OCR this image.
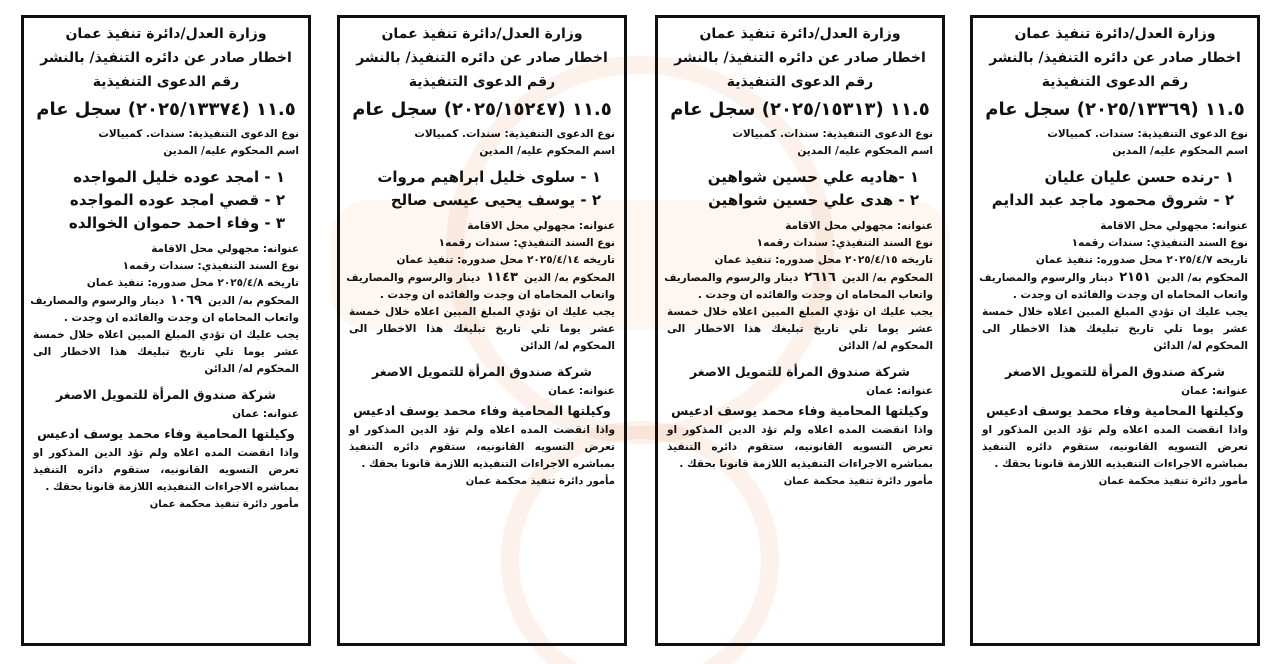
وزارة العدل/دائرة تنفيذ عمان
اخطار صادر عن دائره التنفيذ/ بالنشر
رقم الدعوى التنفيذية
١١.٥ (٢٠٢٥/١٣٣٧٤) سجل عام
نوع الدعوى التنفيذية: سندات. كمبيالات
اسم المحكوم عليه/ المدين
١ - امجد عوده خليل المواجده
٢ - قصي امجد عوده المواجده
٣ - وفاء احمد حموان الخوالده
عنوانه: مجهولي محل الاقامة
نوع السند التنفيذي: سندات رقمه١
تاريخه ٢٠٢٥/٤/٨ محل صدوره: تنفيذ عمان
المحكوم به/ الدين١٠٦٩دينار والرسوم والمصاريف
واتعاب المحاماه ان وجدت والفائده ان وجدت .
يجب عليك ان تؤدي المبلغ المبين اعلاه خلال خمسة عشر يوما تلي تاريخ تبليغك هذا الاخطار الى المحكوم له/ الدائن
شركة صندوق المرأة للتمويل الاصغر
عنوانه: عمان
وكيلتها المحامية وفاء محمد يوسف ادعيس
واذا انقضت المده اعلاه ولم تؤد الدين المذكور او تعرض التسويه القانونيه، ستقوم دائره التنفيذ بمباشره الاجراءات التنفيذيه اللازمة قانونا بحقك .
مأمور دائرة تنفيذ محكمة عمان
وزارة العدل/دائرة تنفيذ عمان
اخطار صادر عن دائره التنفيذ/ بالنشر
رقم الدعوى التنفيذية
١١.٥ (٢٠٢٥/١٥٢٤٧) سجل عام
نوع الدعوى التنفيذية: سندات. كمبيالات
اسم المحكوم عليه/ المدين
١ - سلوى خليل ابراهيم مروات
٢ - يوسف يحيى عيسى صالح
عنوانه: مجهولي محل الاقامة
نوع السند التنفيذي: سندات رقمه١
تاريخه ٢٠٢٥/٤/١٤ محل صدوره: تنفيذ عمان
المحكوم به/ الدين١١٤٣دينار والرسوم والمصاريف
واتعاب المحاماه ان وجدت والفائده ان وجدت .
يجب عليك ان تؤدي المبلغ المبين اعلاه خلال خمسة عشر يوما تلي تاريخ تبليغك هذا الاخطار الى المحكوم له/ الدائن
شركة صندوق المرأة للتمويل الاصغر
عنوانه: عمان
وكيلتها المحامية وفاء محمد يوسف ادعيس
واذا انقضت المده اعلاه ولم تؤد الدين المذكور او تعرض التسويه القانونيه، ستقوم دائره التنفيذ بمباشره الاجراءات التنفيذيه اللازمة قانونا بحقك .
مأمور دائرة تنفيذ محكمة عمان
وزارة العدل/دائرة تنفيذ عمان
اخطار صادر عن دائره التنفيذ/ بالنشر
رقم الدعوى التنفيذية
١١.٥ (٢٠٢٥/١٥٣١٣) سجل عام
نوع الدعوى التنفيذية: سندات. كمبيالات
اسم المحكوم عليه/ المدين
١ -هاديه علي حسين شواهين
٢ - هدى علي حسين شواهين
عنوانه: مجهولي محل الاقامة
نوع السند التنفيذي: سندات رقمه١
تاريخه ٢٠٢٥/٤/١٥ محل صدوره: تنفيذ عمان
المحكوم به/ الدين٢٦١٦دينار والرسوم والمصاريف
واتعاب المحاماه ان وجدت والفائده ان وجدت .
يجب عليك ان تؤدي المبلغ المبين اعلاه خلال خمسة عشر يوما تلي تاريخ تبليغك هذا الاخطار الى المحكوم له/ الدائن
شركة صندوق المرأة للتمويل الاصغر
عنوانه: عمان
وكيلتها المحامية وفاء محمد يوسف ادعيس
واذا انقضت المده اعلاه ولم تؤد الدين المذكور او تعرض التسويه القانونيه، ستقوم دائره التنفيذ بمباشره الاجراءات التنفيذيه اللازمة قانونا بحقك .
مأمور دائرة تنفيذ محكمة عمان
وزارة العدل/دائرة تنفيذ عمان
اخطار صادر عن دائره التنفيذ/ بالنشر
رقم الدعوى التنفيذية
١١.٥ (٢٠٢٥/١٣٣٦٩) سجل عام
نوع الدعوى التنفيذية: سندات. كمبيالات
اسم المحكوم عليه/ المدين
١ -رنده حسن عليان عليان
٢ - شروق محمود ماجد عبد الدايم
عنوانه: مجهولي محل الاقامة
نوع السند التنفيذي: سندات رقمه١
تاريخه ٢٠٢٥/٤/٧ محل صدوره: تنفيذ عمان
المحكوم به/ الدين٢١٥١دينار والرسوم والمصاريف
واتعاب المحاماه ان وجدت والفائده ان وجدت .
يجب عليك ان تؤدي المبلغ المبين اعلاه خلال خمسة عشر يوما تلي تاريخ تبليغك هذا الاخطار الى المحكوم له/ الدائن
شركة صندوق المرأة للتمويل الاصغر
عنوانه: عمان
وكيلتها المحامية وفاء محمد يوسف ادعيس
واذا انقضت المده اعلاه ولم تؤد الدين المذكور او تعرض التسويه القانونيه، ستقوم دائره التنفيذ بمباشره الاجراءات التنفيذيه اللازمة قانونا بحقك .
مأمور دائرة تنفيذ محكمة عمان
